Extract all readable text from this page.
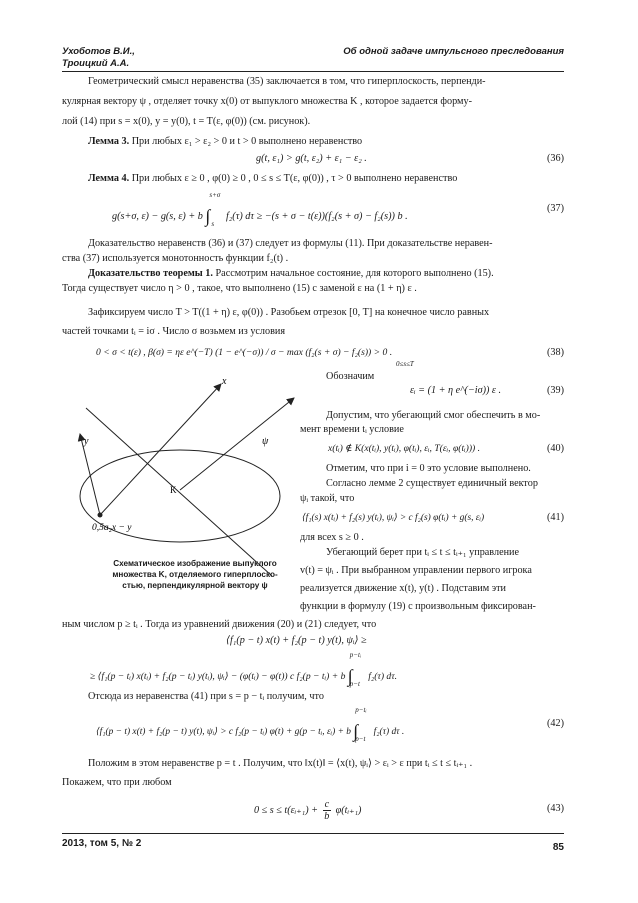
Ухоботов В.И.,
Троицкий А.А.
Об одной задаче импульсного преследования
Геометрический смысл неравенства (35) заключается в том, что гиперплоскость, перпенди-
кулярная вектору ψ , отделяет точку x(0) от выпуклого множества K , которое задается форму-
лой (14) при s = x(0), y = y(0), t = T(ε, φ(0)) (см. рисунок).
Лемма 3. При любых ε₁ > ε₂ > 0 и t > 0 выполнено неравенство
g(t, ε₁) > g(t, ε₂) + ε₁ − ε₂ .	(36)
Лемма 4. При любых ε ≥ 0 , φ(0) ≥ 0 , 0 ≤ s ≤ T(ε, φ(0)) , τ > 0 выполнено неравенство
g(s+σ, ε) − g(s, ε) + b ∫
s+σ
s
f₂(τ) dτ ≥ −(s + σ − t(ε))(f₂(s + σ) − f₂(s)) b .
(37)
Доказательство неравенств (36) и (37) следует из формулы (11). При доказательстве неравен-
ства (37) используется монотонность функции f₂(t) .
Доказательство теоремы 1. Рассмотрим начальное состояние, для которого выполнено (15).
Тогда существует число η > 0 , такое, что выполнено (15) с заменой ε на (1 + η) ε .
Зафиксируем число T > T((1 + η) ε, φ(0)) . Разобьем отрезок [0, T] на конечное число равных
частей точками tᵢ = iσ . Число σ возьмем из условия
0 < σ < t(ε) , β(σ) = ηε e^(−T) (1 − e^(−σ)) / σ − max (f₂(s + σ) − f₂(s)) > 0 .
0≤s≤T
(38)
Обозначим
εᵢ = (1 + η e^(−iσ)) ε .	(39)
Допустим, что убегающий смог обеспечить в мо-
мент времени tᵢ условие
x(tᵢ) ∉ K(x(tᵢ), y(tᵢ), φ(tᵢ), εᵢ, T(εᵢ, φ(tᵢ))) .	(40)
Отметим, что при i = 0 это условие выполнено.
Согласно лемме 2 существует единичный вектор
ψᵢ такой, что
⟨f₁(s) x(tᵢ) + f₂(s) y(tᵢ), ψᵢ⟩ > c f₂(s) φ(tᵢ) + g(s, εᵢ)	(41)
для всех s ≥ 0 .
Убегающий берет при tᵢ ≤ t ≤ tᵢ₊₁ управление
v(t) = ψᵢ . При выбранном управлении первого игрока
реализуется движение x(t), y(t) . Подставим эти
функции в формулу (19) с произвольным фиксирован-
x
y	ψ
K
0,5a₂x − y
Схематическое изображение выпуклого
множества K, отделяемого гиперплоско-
стью, перпендикулярной вектору ψ
ным числом p ≥ tᵢ . Тогда из уравнений движения (20) и (21) следует, что
⟨f₁(p − t) x(t) + f₂(p − t) y(t), ψᵢ⟩ ≥
≥ ⟨f₁(p − tᵢ) x(tᵢ) + f₂(p − tᵢ) y(tᵢ), ψᵢ⟩ − (φ(tᵢ) − φ(t)) c f₂(p − tᵢ) + b ∫
p−tᵢ
p−t
f₂(τ) dτ.
Отсюда из неравенства (41) при s = p − tᵢ получим, что
⟨f₁(p − t) x(t) + f₂(p − t) y(t), ψᵢ⟩ > c f₂(p − tᵢ) φ(t) + g(p − tᵢ, εᵢ) + b ∫
p−tᵢ
p−t
f₂(τ) dτ .
(42)
Положим в этом неравенстве p = t . Получим, что ‖x(t)‖ = ⟨x(t), ψᵢ⟩ > εᵢ > ε при tᵢ ≤ t ≤ tᵢ₊₁ .
Покажем, что при любом
0 ≤ s ≤ t(εᵢ₊₁) + $\frac{c}{b}$ φ(tᵢ₊₁)	(43)
2013, том 5, № 2	85
